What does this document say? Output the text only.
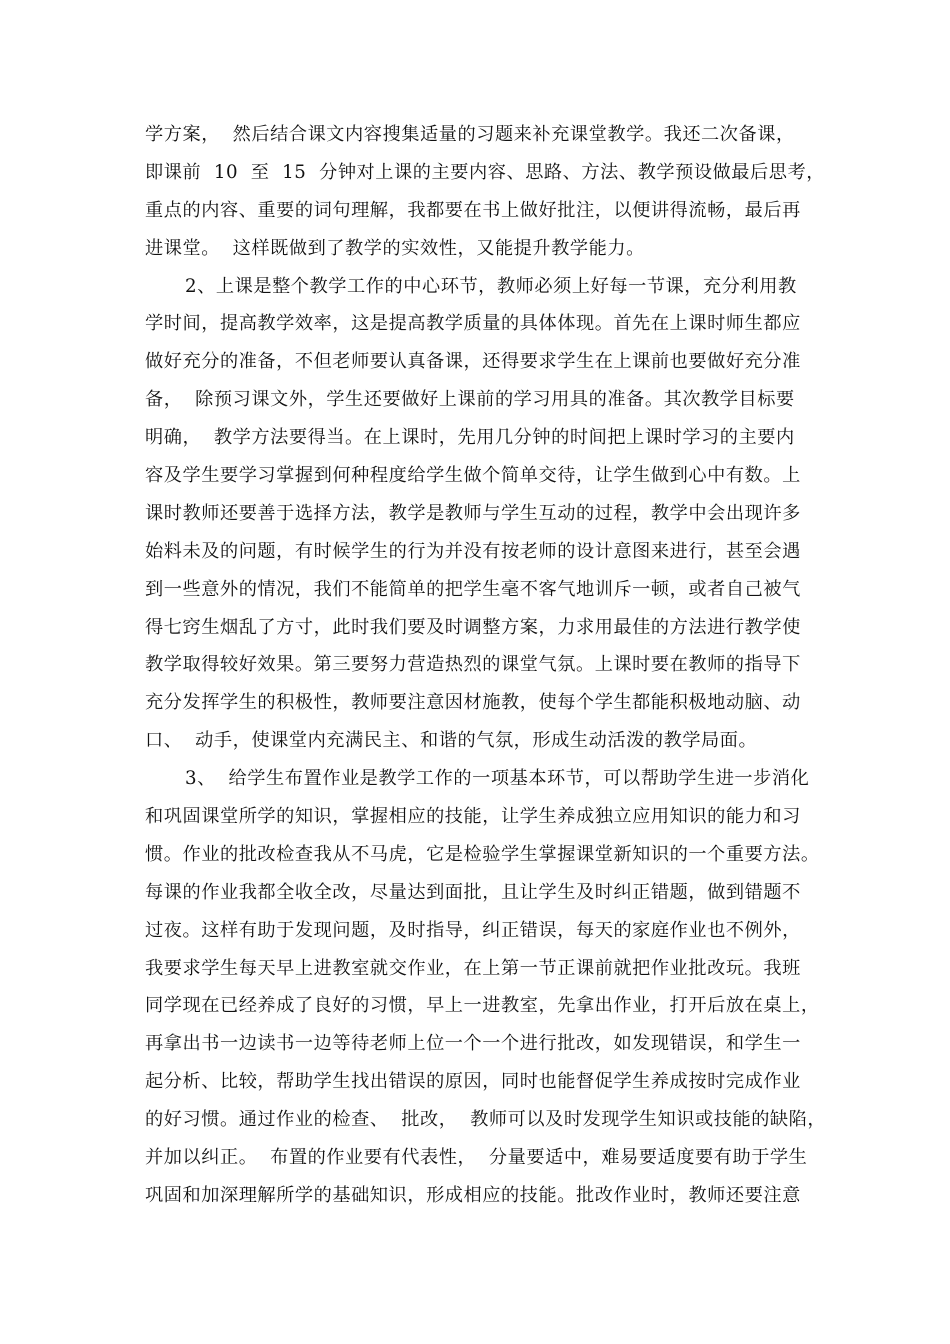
学方案，  然后结合课文内容搜集适量的习题来补充课堂教学。我还二次备课，
即课前  10  至  15  分钟对上课的主要内容、思路、方法、教学预设做最后思考，
重点的内容、重要的词句理解，我都要在书上做好批注，以便讲得流畅，最后再
进课堂。  这样既做到了教学的实效性，又能提升教学能力。
2、上课是整个教学工作的中心环节，教师必须上好每一节课，充分利用教
学时间，提高教学效率，这是提高教学质量的具体体现。首先在上课时师生都应
做好充分的准备，不但老师要认真备课，还得要求学生在上课前也要做好充分准
备，  除预习课文外，学生还要做好上课前的学习用具的准备。其次教学目标要
明确，  教学方法要得当。在上课时，先用几分钟的时间把上课时学习的主要内
容及学生要学习掌握到何种程度给学生做个简单交待，让学生做到心中有数。上
课时教师还要善于选择方法，教学是教师与学生互动的过程，教学中会出现许多
始料未及的问题，有时候学生的行为并没有按老师的设计意图来进行，甚至会遇
到一些意外的情况，我们不能简单的把学生毫不客气地训斥一顿，或者自己被气
得七窍生烟乱了方寸，此时我们要及时调整方案，力求用最佳的方法进行教学使
教学取得较好效果。第三要努力营造热烈的课堂气氛。上课时要在教师的指导下
充分发挥学生的积极性，教师要注意因材施教，使每个学生都能积极地动脑、动
口、  动手，使课堂内充满民主、和谐的气氛，形成生动活泼的教学局面。
3、  给学生布置作业是教学工作的一项基本环节，可以帮助学生进一步消化
和巩固课堂所学的知识，掌握相应的技能，让学生养成独立应用知识的能力和习
惯。作业的批改检查我从不马虎，它是检验学生掌握课堂新知识的一个重要方法。
每课的作业我都全收全改，尽量达到面批，且让学生及时纠正错题，做到错题不
过夜。这样有助于发现问题，及时指导，纠正错误，每天的家庭作业也不例外，
我要求学生每天早上进教室就交作业，在上第一节正课前就把作业批改玩。我班
同学现在已经养成了良好的习惯，早上一进教室，先拿出作业，打开后放在桌上，
再拿出书一边读书一边等待老师上位一个一个进行批改，如发现错误，和学生一
起分析、比较，帮助学生找出错误的原因，同时也能督促学生养成按时完成作业
的好习惯。通过作业的检查、  批改，  教师可以及时发现学生知识或技能的缺陷，
并加以纠正。  布置的作业要有代表性，  分量要适中，难易要适度要有助于学生
巩固和加深理解所学的基础知识，形成相应的技能。批改作业时，教师还要注意
